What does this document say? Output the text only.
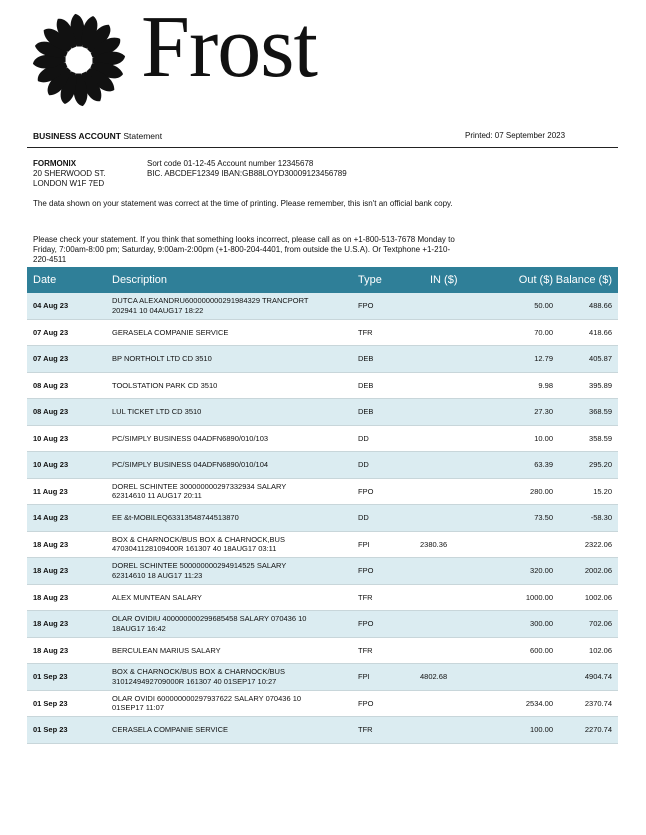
Frost
BUSINESS ACCOUNT Statement	Printed: 07 September 2023
FORMONIX
20 SHERWOOD ST.
LONDON W1F 7ED
Sort code 01-12-45 Account number 12345678
BIC. ABCDEF12349 IBAN:GB88LOYD30009123456789
The data shown on your statement was correct at the time of printing. Please remember, this isn't an official bank copy.
Please check your statement. If you think that something looks incorrect, please call as on +1-800-513-7678 Monday to Friday, 7:00am-8:00 pm; Saturday, 9:00am-2:00pm (+1-800-204-4401, from outside the U.S.A). Or Textphone +1-210-220-4511
Date	Description	Type	IN ($)	Out ($)	Balance ($)
04 Aug 23	DUTCA ALEXANDRU600000000291984329 TRANCPORT 202941 10 04AUG17 18:22	FPO		50.00	488.66
07 Aug 23	GERASELA COMPANIE SERVICE	TFR		70.00	418.66
07 Aug 23	BP NORTHOLT LTD CD 3510	DEB		12.79	405.87
08 Aug 23	TOOLSTATION PARK CD 3510	DEB		9.98	395.89
08 Aug 23	LUL TICKET LTD CD 3510	DEB		27.30	368.59
10 Aug 23	PC/SIMPLY BUSINESS 04ADFN6890/010/103	DD		10.00	358.59
10 Aug 23	PC/SIMPLY BUSINESS 04ADFN6890/010/104	DD		63.39	295.20
11 Aug 23	DOREL SCHINTEE 300000000297332934 SALARY 62314610 11 AUG17 20:11	FPO		280.00	15.20
14 Aug 23	EE &t-MOBILEQ633135487445138​70	DD		73.50	-58.30
18 Aug 23	BOX & CHARNOCK/BUS BOX & CHARNOCK,BUS 4703041128109400R 161307 40 18AUG17 03:11	FPI	2380.36		2322.06
18 Aug 23	DOREL SCHINTEE 500000000294914525 SALARY 62314610 18 AUG17 11:23	FPO		320.00	2002.06
18 Aug 23	ALEX MUNTEAN SALARY	TFR		1000.00	1002.06
18 Aug 23	OLAR OVIDIU 400000000299685458 SALARY 070436 10 18AUG17 16:42	FPO		300.00	702.06
18 Aug 23	BERCULEAN MARIUS SALARY	TFR		600.00	102.06
01 Sep 23	BOX & CHARNOCK/BUS BOX & CHARNOCK/BUS 3101249492709000R 161307 40 01SEP17 10:27	FPI	4802.68		4904.74
01 Sep 23	OLAR OVIDI 600000000297937622 SALARY 070436 10 01SEP17 11:07	FPO		2534.00	2370.74
01 Sep 23	CERASELA COMPANIE SERVICE	TFR		100.00	2270.74
